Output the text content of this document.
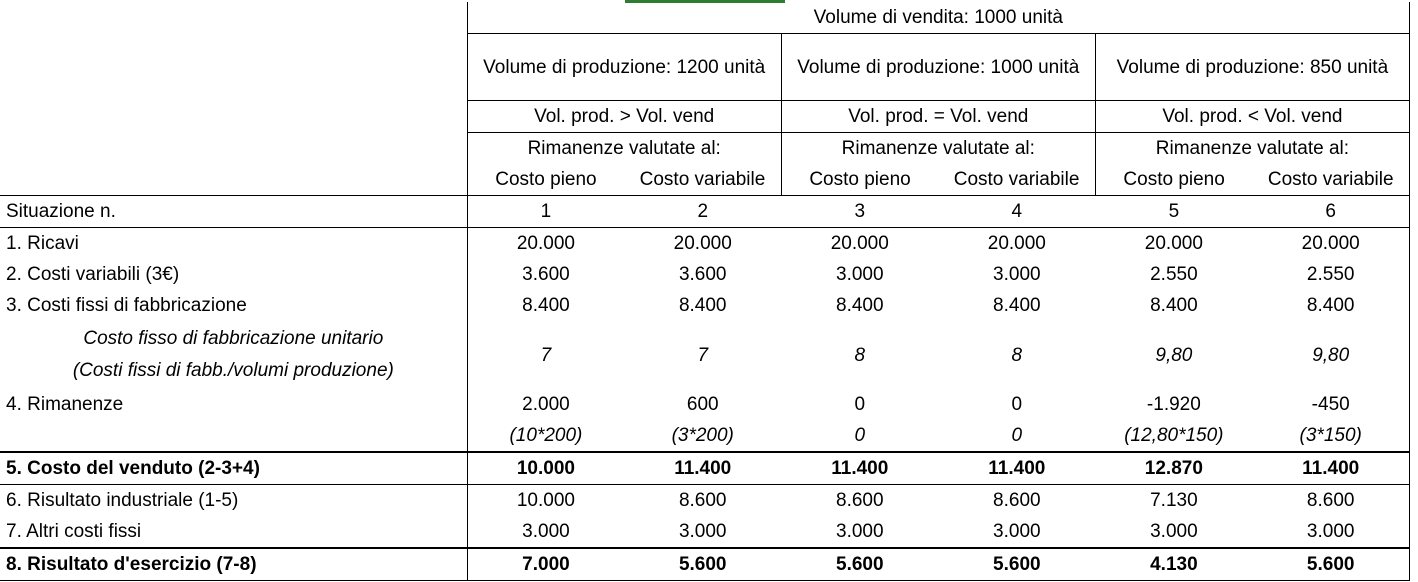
	Volume di vendita: 1000 unità					
	Volume di produzione: 1200 unità		Volume di produzione: 1000 unità		Volume di produzione: 850 unità	
	Vol. prod. > Vol. vend		Vol. prod. = Vol. vend		Vol. prod. < Vol. vend	
	Rimanenze valutate al:		Rimanenze valutate al:		Rimanenze valutate al:	
	Costo pieno	Costo variabile	Costo pieno	Costo variabile	Costo pieno	Costo variabile
Situazione n.	1	2	3	4	5	6
1. Ricavi	20.000	20.000	20.000	20.000	20.000	20.000
2. Costi variabili (3€)	3.600	3.600	3.000	3.000	2.550	2.550
3. Costi fissi di fabbricazione	8.400	8.400	8.400	8.400	8.400	8.400

Costo fisso di fabbricazione unitario
(Costi fissi di fabb./volumi produzione)	7	7	8	8	9,80	9,80
4. Rimanenze	2.000	600	0	0	-1.920	-450
	(10*200)	(3*200)	0	0	(12,80*150)	(3*150)
5. Costo del venduto (2-3+4)	10.000	11.400	11.400	11.400	12.870	11.400
6. Risultato industriale (1-5)	10.000	8.600	8.600	8.600	7.130	8.600
7. Altri costi fissi	3.000	3.000	3.000	3.000	3.000	3.000
8. Risultato d'esercizio (7-8)	7.000	5.600	5.600	5.600	4.130	5.600
